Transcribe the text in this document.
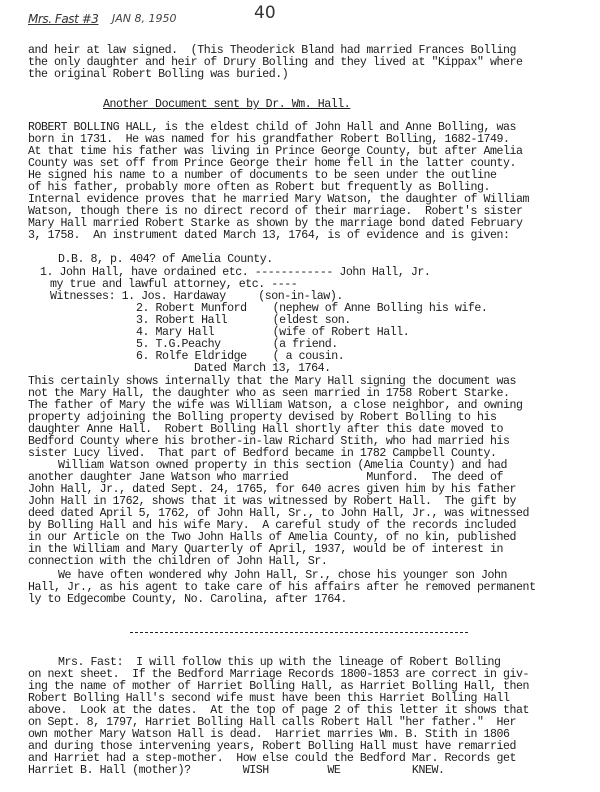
Mrs. Fast #3 JAN 8, 1950	40
and heir at law signed.  (This Theoderick Bland had married Frances Bolling
the only daughter and heir of Drury Bolling and they lived at "Kippax" where
the original Robert Bolling was buried.)
Another Document sent by Dr. Wm. Hall.
ROBERT BOLLING HALL, is the eldest child of John Hall and Anne Bolling, was
born in 1731.  He was named for his grandfather Robert Bolling, 1682-1749.
At that time his father was living in Prince George County, but after Amelia
County was set off from Prince George their home fell in the latter county.
He signed his name to a number of documents to be seen under the outline
of his father, probably more often as Robert but frequently as Bolling.
Internal evidence proves that he married Mary Watson, the daughter of William
Watson, though there is no direct record of their marriage.  Robert's sister
Mary Hall married Robert Starke as shown by the marriage bond dated February
3, 1758.  An instrument dated March 13, 1764, is of evidence and is given:
D.B. 8, p. 404? of Amelia County.
1. John Hall, have ordained etc. ------------ John Hall, Jr.
my true and lawful attorney, etc. ----
Witnesses: 1. Jos. Hardaway     (son-in-law).
2. Robert Munford    (nephew of Anne Bolling his wife.
3. Robert Hall       (eldest son.
4. Mary Hall         (wife of Robert Hall.
5. T.G.Peachy        (a friend.
6. Rolfe Eldridge    ( a cousin.
Dated March 13, 1764.
This certainly shows internally that the Mary Hall signing the document was
not the Mary Hall, the daughter who as seen married in 1758 Robert Starke.
The father of Mary the wife was William Watson, a close neighbor, and owning
property adjoining the Bolling property devised by Robert Bolling to his
daughter Anne Hall.  Robert Bolling Hall shortly after this date moved to
Bedford County where his brother-in-law Richard Stith, who had married his
sister Lucy lived.  That part of Bedford became in 1782 Campbell County.
William Watson owned property in this section (Amelia County) and had
another daughter Jane Watson who married            Munford.  The deed of
John Hall, Jr., dated Sept. 24, 1765, for 640 acres given him by his father
John Hall in 1762, shows that it was witnessed by Robert Hall.  The gift by
deed dated April 5, 1762, of John Hall, Sr., to John Hall, Jr., was witnessed
by Bolling Hall and his wife Mary.  A careful study of the records included
in our Article on the Two John Halls of Amelia County, of no kin, published
in the William and Mary Quarterly of April, 1937, would be of interest in
connection with the children of John Hall, Sr.
We have often wondered why John Hall, Sr., chose his younger son John
Hall, Jr., as his agent to take care of his affairs after he removed permanent
ly to Edgecombe County, No. Carolina, after 1764.
Mrs. Fast:  I will follow this up with the lineage of Robert Bolling
on next sheet.  If the Bedford Marriage Records 1800-1853 are correct in giv-
ing the name of mother of Harriet Bolling Hall, as Harriet Bolling Hall, then
Robert Bolling Hall's second wife must have been this Harriet Bolling Hall
above.  Look at the dates.  At the top of page 2 of this letter it shows that
on Sept. 8, 1797, Harriet Bolling Hall calls Robert Hall "her father."  Her
own mother Mary Watson Hall is dead.  Harriet marries Wm. B. Stith in 1806
and during those intervening years, Robert Bolling Hall must have remarried
and Harriet had a step-mother.  How else could the Bedford Mar. Records get
Harriet B. Hall (mother)?        WISH         WE           KNEW.
